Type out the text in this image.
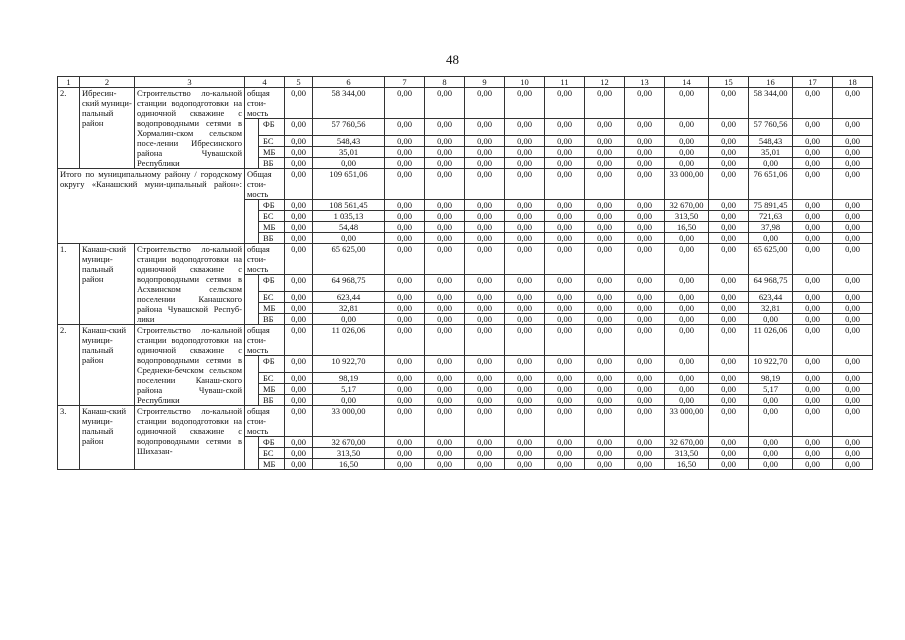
48
1	2	3	4		5	6	7	8	9	10	11	12	13	14	15	16	17	18
2.	Ибресин-ский муници-пальный район	Строительство ло-кальной станции водоподготовки на одиночной скважине с водопроводными сетями в Хормалин-ском сельском посе-лении Ибресинского района Чувашской Республики	общая стои-мость		0,00	58 344,00	0,00	0,00	0,00	0,00	0,00	0,00	0,00	0,00	0,00	58 344,00	0,00	0,00
	ФБ	0,00	57 760,56	0,00	0,00	0,00	0,00	0,00	0,00	0,00	0,00	0,00	57 760,56	0,00	0,00
				БС	0,00	548,43	0,00	0,00	0,00	0,00	0,00	0,00	0,00	0,00	0,00	548,43	0,00	0,00
				МБ	0,00	35,01	0,00	0,00	0,00	0,00	0,00	0,00	0,00	0,00	0,00	35,01	0,00	0,00
				ВБ	0,00	0,00	0,00	0,00	0,00	0,00	0,00	0,00	0,00	0,00	0,00	0,00	0,00	0,00
Итого по муниципальному району / городскому округу «Канашский муни-ципальный район»:			Общая стои-мость		0,00	109 651,06	0,00	0,00	0,00	0,00	0,00	0,00	0,00	33 000,00	0,00	76 651,06	0,00	0,00
	ФБ	0,00	108 561,45	0,00	0,00	0,00	0,00	0,00	0,00	0,00	32 670,00	0,00	75 891,45	0,00	0,00
				БС	0,00	1 035,13	0,00	0,00	0,00	0,00	0,00	0,00	0,00	313,50	0,00	721,63	0,00	0,00
				МБ	0,00	54,48	0,00	0,00	0,00	0,00	0,00	0,00	0,00	16,50	0,00	37,98	0,00	0,00
				ВБ	0,00	0,00	0,00	0,00	0,00	0,00	0,00	0,00	0,00	0,00	0,00	0,00	0,00	0,00
1.	Канаш-ский муници-пальный район	Строительство ло-кальной станции водоподготовки на одиночной скважине с водопроводными сетями в Асхвинском сельском поселении Канашского района Чувашской Респуб-лики	общая стои-мость		0,00	65 625,00	0,00	0,00	0,00	0,00	0,00	0,00	0,00	0,00	0,00	65 625,00	0,00	0,00
	ФБ	0,00	64 968,75	0,00	0,00	0,00	0,00	0,00	0,00	0,00	0,00	0,00	64 968,75	0,00	0,00
				БС	0,00	623,44	0,00	0,00	0,00	0,00	0,00	0,00	0,00	0,00	0,00	623,44	0,00	0,00
				МБ	0,00	32,81	0,00	0,00	0,00	0,00	0,00	0,00	0,00	0,00	0,00	32,81	0,00	0,00
				ВБ	0,00	0,00	0,00	0,00	0,00	0,00	0,00	0,00	0,00	0,00	0,00	0,00	0,00	0,00
2.	Канаш-ский муници-пальный район	Строительство ло-кальной станции водоподготовки на одиночной скважине с водопроводными сетями в Среднеки-бечском сельском поселении Канаш-ского района Чуваш-ской Республики	общая стои-мость		0,00	11 026,06	0,00	0,00	0,00	0,00	0,00	0,00	0,00	0,00	0,00	11 026,06	0,00	0,00
	ФБ	0,00	10 922,70	0,00	0,00	0,00	0,00	0,00	0,00	0,00	0,00	0,00	10 922,70	0,00	0,00
				БС	0,00	98,19	0,00	0,00	0,00	0,00	0,00	0,00	0,00	0,00	0,00	98,19	0,00	0,00
				МБ	0,00	5,17	0,00	0,00	0,00	0,00	0,00	0,00	0,00	0,00	0,00	5,17	0,00	0,00
				ВБ	0,00	0,00	0,00	0,00	0,00	0,00	0,00	0,00	0,00	0,00	0,00	0,00	0,00	0,00
3.	Канаш-ский муници-пальный район	Строительство ло-кальной станции водоподготовки на одиночной скважине с водопроводными сетями в Шихазан-	общая стои-мость		0,00	33 000,00	0,00	0,00	0,00	0,00	0,00	0,00	0,00	33 000,00	0,00	0,00	0,00	0,00
	ФБ	0,00	32 670,00	0,00	0,00	0,00	0,00	0,00	0,00	0,00	32 670,00	0,00	0,00	0,00	0,00
				БС	0,00	313,50	0,00	0,00	0,00	0,00	0,00	0,00	0,00	313,50	0,00	0,00	0,00	0,00
				МБ	0,00	16,50	0,00	0,00	0,00	0,00	0,00	0,00	0,00	16,50	0,00	0,00	0,00	0,00
